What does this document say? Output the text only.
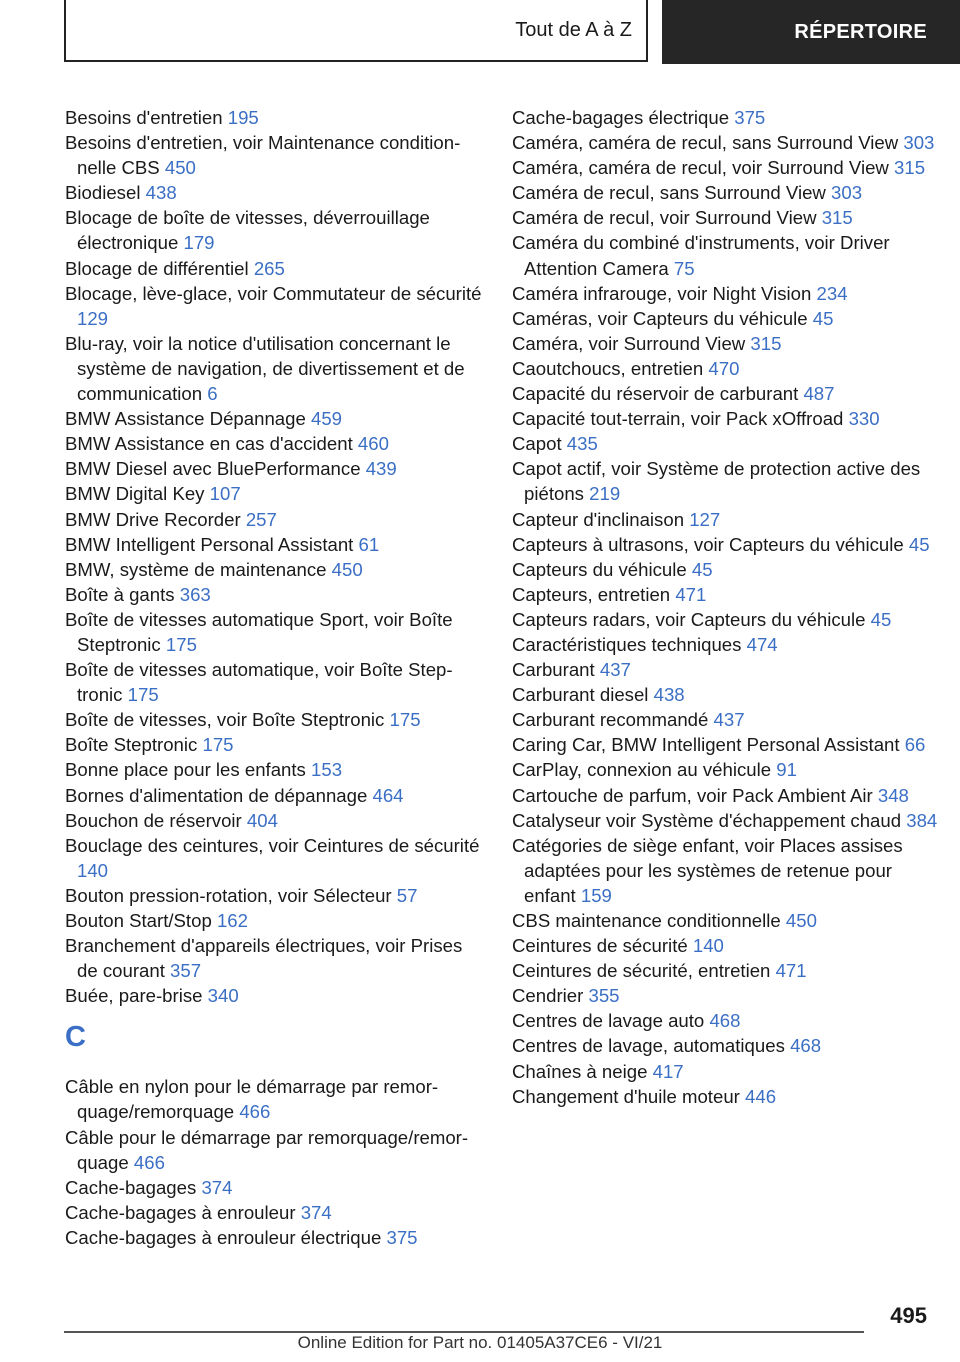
Tout de A à Z	RÉPERTOIRE
Besoins d'entretien 195
Besoins d'entretien, voir Maintenance conditionnelle CBS 450
Biodiesel 438
Blocage de boîte de vitesses, déverrouillage électronique 179
Blocage de différentiel 265
Blocage, lève-glace, voir Commutateur de sécurité 129
Blu-ray, voir la notice d'utilisation concernant le système de navigation, de divertissement et de communication 6
BMW Assistance Dépannage 459
BMW Assistance en cas d'accident 460
BMW Diesel avec BluePerformance 439
BMW Digital Key 107
BMW Drive Recorder 257
BMW Intelligent Personal Assistant 61
BMW, système de maintenance 450
Boîte à gants 363
Boîte de vitesses automatique Sport, voir Boîte Steptronic 175
Boîte de vitesses automatique, voir Boîte Steptronic 175
Boîte de vitesses, voir Boîte Steptronic 175
Boîte Steptronic 175
Bonne place pour les enfants 153
Bornes d'alimentation de dépannage 464
Bouchon de réservoir 404
Bouclage des ceintures, voir Ceintures de sécurité 140
Bouton pression-rotation, voir Sélecteur 57
Bouton Start/Stop 162
Branchement d'appareils électriques, voir Prises de courant 357
Buée, pare-brise 340
C
Câble en nylon pour le démarrage par remorquage/remorquage 466
Câble pour le démarrage par remorquage/remorquage 466
Cache-bagages 374
Cache-bagages à enrouleur 374
Cache-bagages à enrouleur électrique 375
Cache-bagages électrique 375
Caméra, caméra de recul, sans Surround View 303
Caméra, caméra de recul, voir Surround View 315
Caméra de recul, sans Surround View 303
Caméra de recul, voir Surround View 315
Caméra du combiné d'instruments, voir Driver Attention Camera 75
Caméra infrarouge, voir Night Vision 234
Caméras, voir Capteurs du véhicule 45
Caméra, voir Surround View 315
Caoutchoucs, entretien 470
Capacité du réservoir de carburant 487
Capacité tout-terrain, voir Pack xOffroad 330
Capot 435
Capot actif, voir Système de protection active des piétons 219
Capteur d'inclinaison 127
Capteurs à ultrasons, voir Capteurs du véhicule 45
Capteurs du véhicule 45
Capteurs, entretien 471
Capteurs radars, voir Capteurs du véhicule 45
Caractéristiques techniques 474
Carburant 437
Carburant diesel 438
Carburant recommandé 437
Caring Car, BMW Intelligent Personal Assistant 66
CarPlay, connexion au véhicule 91
Cartouche de parfum, voir Pack Ambient Air 348
Catalyseur voir Système d'échappement chaud 384
Catégories de siège enfant, voir Places assises adaptées pour les systèmes de retenue pour enfant 159
CBS maintenance conditionnelle 450
Ceintures de sécurité 140
Ceintures de sécurité, entretien 471
Cendrier 355
Centres de lavage auto 468
Centres de lavage, automatiques 468
Chaînes à neige 417
Changement d'huile moteur 446
495
Online Edition for Part no. 01405A37CE6 - VI/21
